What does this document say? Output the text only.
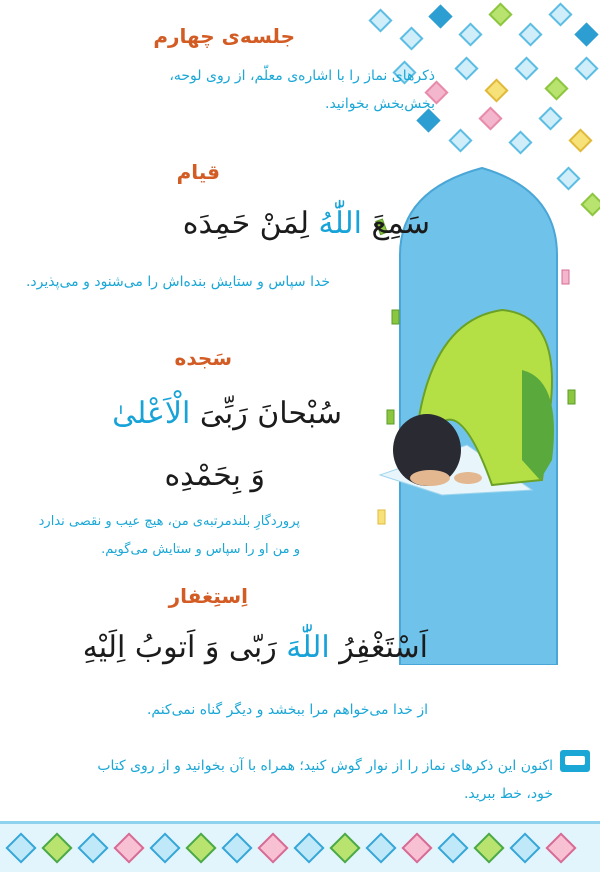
جلسه‌ی چهارم
ذکرهای نماز را با اشاره‌ی معلّم، از روی لوحه،
بخش‌بخش بخوانید.
قیام
سَمِعَ اللّٰهُ لِمَنْ حَمِدَه
خدا سپاس و ستایش بنده‌اش را می‌شنود و می‌پذیرد.
سَجده
سُبْحانَ رَبِّیَ الْاَعْلیٰ
وَ بِحَمْدِه
پروردگارِ بلندمرتبه‌ی من، هیچ عیب و نقصی ندارد
و من او را سپاس و ستایش می‌گویم.
اِستِغفار
اَسْتَغْفِرُ اللّٰهَ رَبّی وَ اَتوبُ اِلَیْهِ
از خدا می‌خواهم مرا ببخشد و دیگر گناه نمی‌کنم.
اکنون این ذکرهای نماز را از نوار گوش کنید؛ همراه با آن بخوانید و از روی کتاب
خود، خط ببرید.
